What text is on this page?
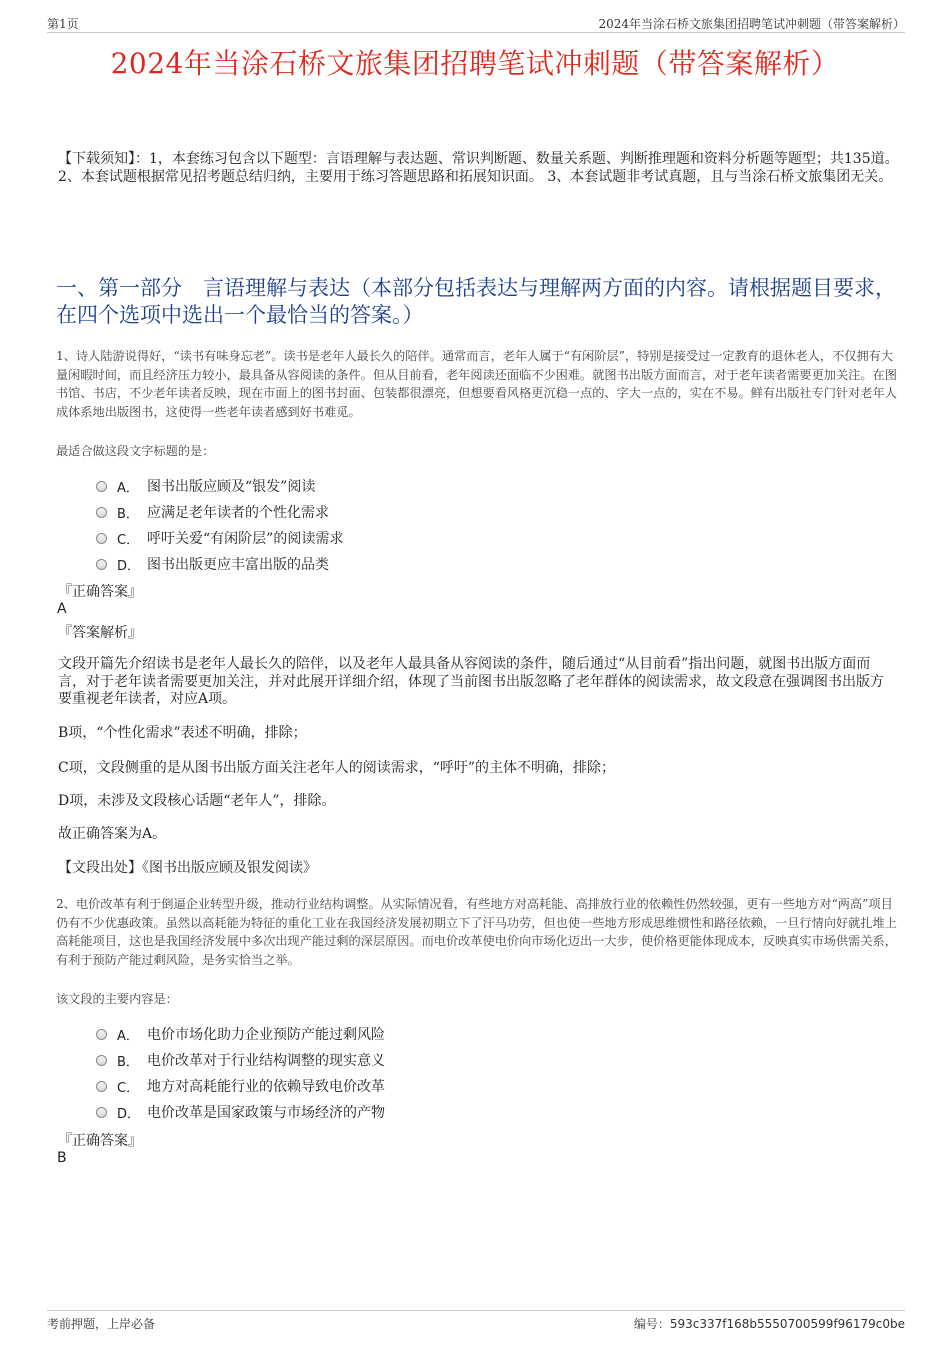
第1页	2024年当涂石桥文旅集团招聘笔试冲刺题（带答案解析）
2024年当涂石桥文旅集团招聘笔试冲刺题（带答案解析）
【下载须知】：1，本套练习包含以下题型：言语理解与表达题、常识判断题、数量关系题、判断推理题和资料分析题等题型；共135道。 2、本套试题根据常见招考题总结归纳，主要用于练习答题思路和拓展知识面。 3、本套试题非考试真题，且与当涂石桥文旅集团无关。
一、第一部分　言语理解与表达（本部分包括表达与理解两方面的内容。请根据题目要求，在四个选项中选出一个最恰当的答案。）
1、诗人陆游说得好，“读书有味身忘老”。读书是老年人最长久的陪伴。通常而言，老年人属于“有闲阶层”，特别是接受过一定教育的退休老人，不仅拥有大量闲暇时间，而且经济压力较小，最具备从容阅读的条件。但从目前看，老年阅读还面临不少困难。就图书出版方面而言，对于老年读者需要更加关注。在图书馆、书店，不少老年读者反映，现在市面上的图书封面、包装都很漂亮，但想要看风格更沉稳一点的、字大一点的，实在不易。鲜有出版社专门针对老年人成体系地出版图书，这使得一些老年读者感到好书难觅。
最适合做这段文字标题的是：
A． 图书出版应顾及“银发”阅读
B． 应满足老年读者的个性化需求
C． 呼吁关爱“有闲阶层”的阅读需求
D． 图书出版更应丰富出版的品类
『正确答案』
A
『答案解析』
文段开篇先介绍读书是老年人最长久的陪伴，以及老年人最具备从容阅读的条件，随后通过“从目前看”指出问题，就图书出版方面而言，对于老年读者需要更加关注，并对此展开详细介绍，体现了当前图书出版忽略了老年群体的阅读需求，故文段意在强调图书出版方要重视老年读者，对应A项。
B项，“个性化需求”表述不明确，排除；
C项，文段侧重的是从图书出版方面关注老年人的阅读需求，“呼吁”的主体不明确，排除；
D项，未涉及文段核心话题“老年人”，排除。
故正确答案为A。
【文段出处】《图书出版应顾及银发阅读》
2、电价改革有利于倒逼企业转型升级，推动行业结构调整。从实际情况看，有些地方对高耗能、高排放行业的依赖性仍然较强，更有一些地方对“两高”项目仍有不少优惠政策。虽然以高耗能为特征的重化工业在我国经济发展初期立下了汗马功劳，但也使一些地方形成思维惯性和路径依赖，一旦行情向好就扎堆上高耗能项目，这也是我国经济发展中多次出现产能过剩的深层原因。而电价改革使电价向市场化迈出一大步，使价格更能体现成本，反映真实市场供需关系，有利于预防产能过剩风险，是务实恰当之举。
该文段的主要内容是：
A． 电价市场化助力企业预防产能过剩风险
B． 电价改革对于行业结构调整的现实意义
C． 地方对高耗能行业的依赖导致电价改革
D． 电价改革是国家政策与市场经济的产物
『正确答案』
B
考前押题，上岸必备	编号：593c337f168b5550700599f96179c0be
